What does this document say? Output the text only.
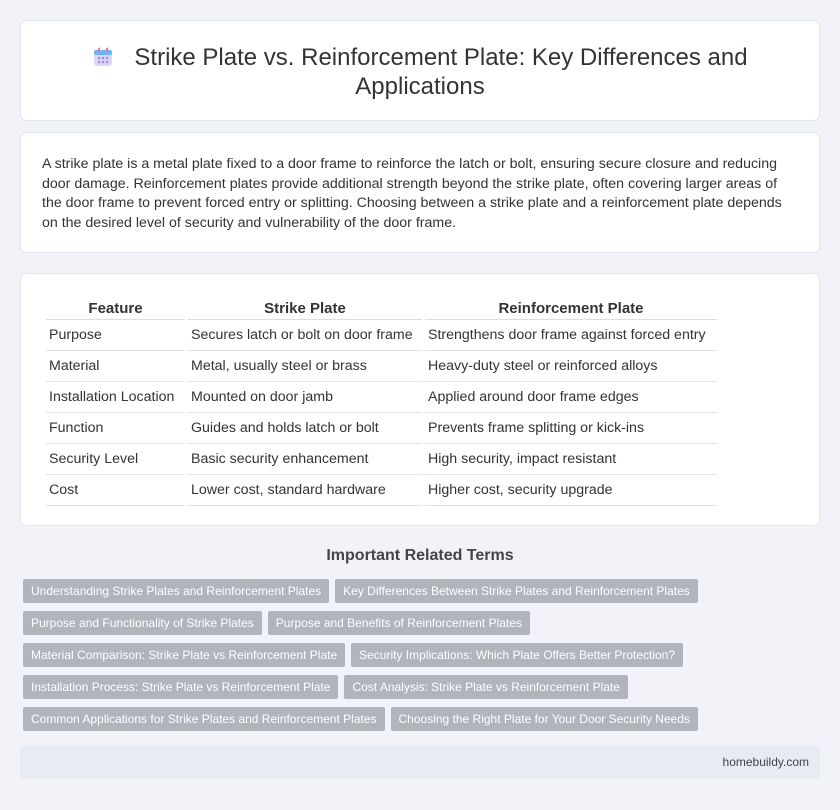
Strike Plate vs. Reinforcement Plate: Key Differences and Applications

A strike plate is a metal plate fixed to a door frame to reinforce the latch or bolt, ensuring secure closure and reducing door damage. Reinforcement plates provide additional strength beyond the strike plate, often covering larger areas of the door frame to prevent forced entry or splitting. Choosing between a strike plate and a reinforcement plate depends on the desired level of security and vulnerability of the door frame.

Feature	Strike Plate	Reinforcement Plate
Purpose	Secures latch or bolt on door frame	Strengthens door frame against forced entry
Material	Metal, usually steel or brass	Heavy-duty steel or reinforced alloys
Installation Location	Mounted on door jamb	Applied around door frame edges
Function	Guides and holds latch or bolt	Prevents frame splitting or kick-ins
Security Level	Basic security enhancement	High security, impact resistant
Cost	Lower cost, standard hardware	Higher cost, security upgrade
Important Related Terms
Understanding Strike Plates and Reinforcement Plates Key Differences Between Strike Plates and Reinforcement Plates
Purpose and Functionality of Strike Plates Purpose and Benefits of Reinforcement Plates
Material Comparison: Strike Plate vs Reinforcement Plate Security Implications: Which Plate Offers Better Protection?
Installation Process: Strike Plate vs Reinforcement Plate Cost Analysis: Strike Plate vs Reinforcement Plate
Common Applications for Strike Plates and Reinforcement Plates Choosing the Right Plate for Your Door Security Needs
homebuildy.com
